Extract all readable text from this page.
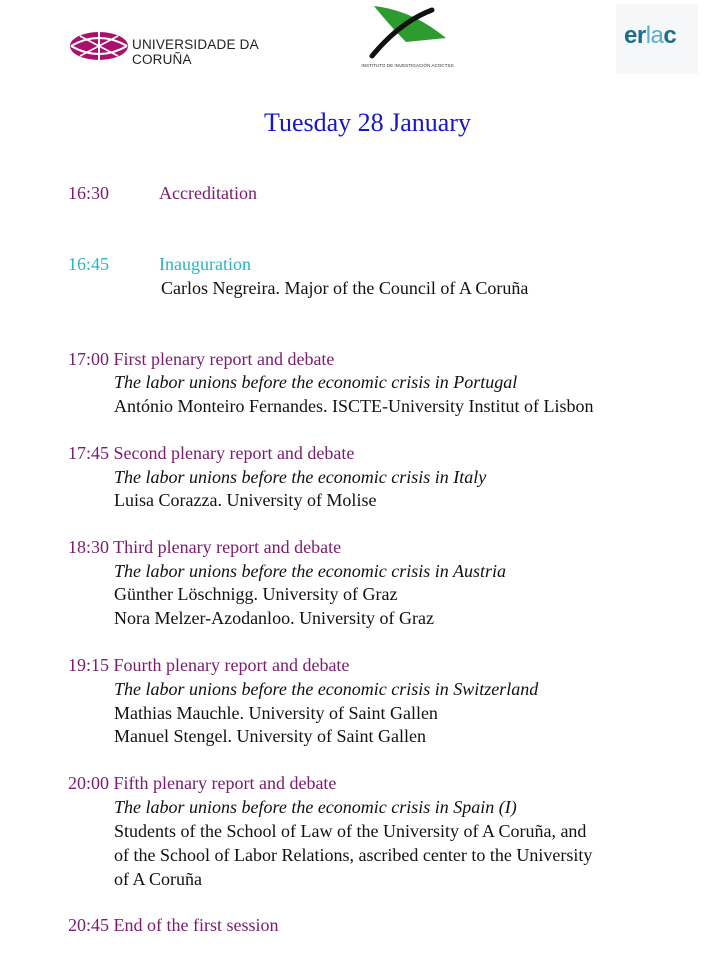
UNIVERSIDADE DA CORUÑA	INSTITUTO DE INVESTIGACIÓN ACOCTSS
erlac
Tuesday 28 January
16:30	Accreditation
16:45	Inauguration
Carlos Negreira. Major of the Council of A Coruña
17:00 First plenary report and debate
The labor unions before the economic crisis in Portugal
António Monteiro Fernandes. ISCTE-University Institut of Lisbon
17:45 Second plenary report and debate
The labor unions before the economic crisis in Italy
Luisa Corazza. University of Molise
18:30 Third plenary report and debate
The labor unions before the economic crisis in Austria
Günther Löschnigg. University of Graz
Nora Melzer-Azodanloo. University of Graz
19:15 Fourth plenary report and debate
The labor unions before the economic crisis in Switzerland
Mathias Mauchle. University of Saint Gallen
Manuel Stengel. University of Saint Gallen
20:00 Fifth plenary report and debate
The labor unions before the economic crisis in Spain (I)
Students of the School of Law of the University of A Coruña, and
of the School of Labor Relations, ascribed center to the University
of A Coruña
20:45 End of the first session
